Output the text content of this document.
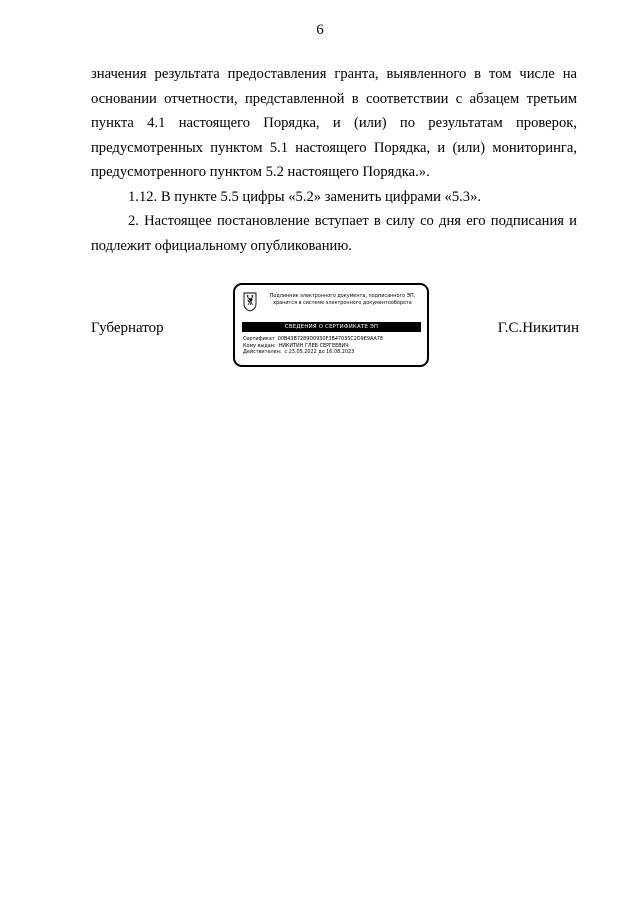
6

значения результата предоставления гранта, выявленного в том числе на основании отчетности, представленной в соответствии с абзацем третьим пункта 4.1 настоящего Порядка, и (или) по результатам проверок, предусмотренных пунктом 5.1 настоящего Порядка, и (или) мониторинга, предусмотренного пунктом 5.2 настоящего Порядка.».

1.12. В пункте 5.5 цифры «5.2» заменить цифрами «5.3».

2. Настоящее постановление вступает в силу со дня его подписания и подлежит официальному опубликованию.

Губернатор
Подлинник электронного документа, подписанного ЭП,
хранится в системе электронного документооборота
СВЕДЕНИЯ О СЕРТИФИКАТЕ ЭП
Сертификат 00B43B7289D0930F3B47035C2D9E9AA78
Кому выдан: НИКИТИН ГЛЕБ СЕРГЕЕВИЧ
Действителен: с 23.05.2022 до 16.08.2023
Г.С.Никитин
